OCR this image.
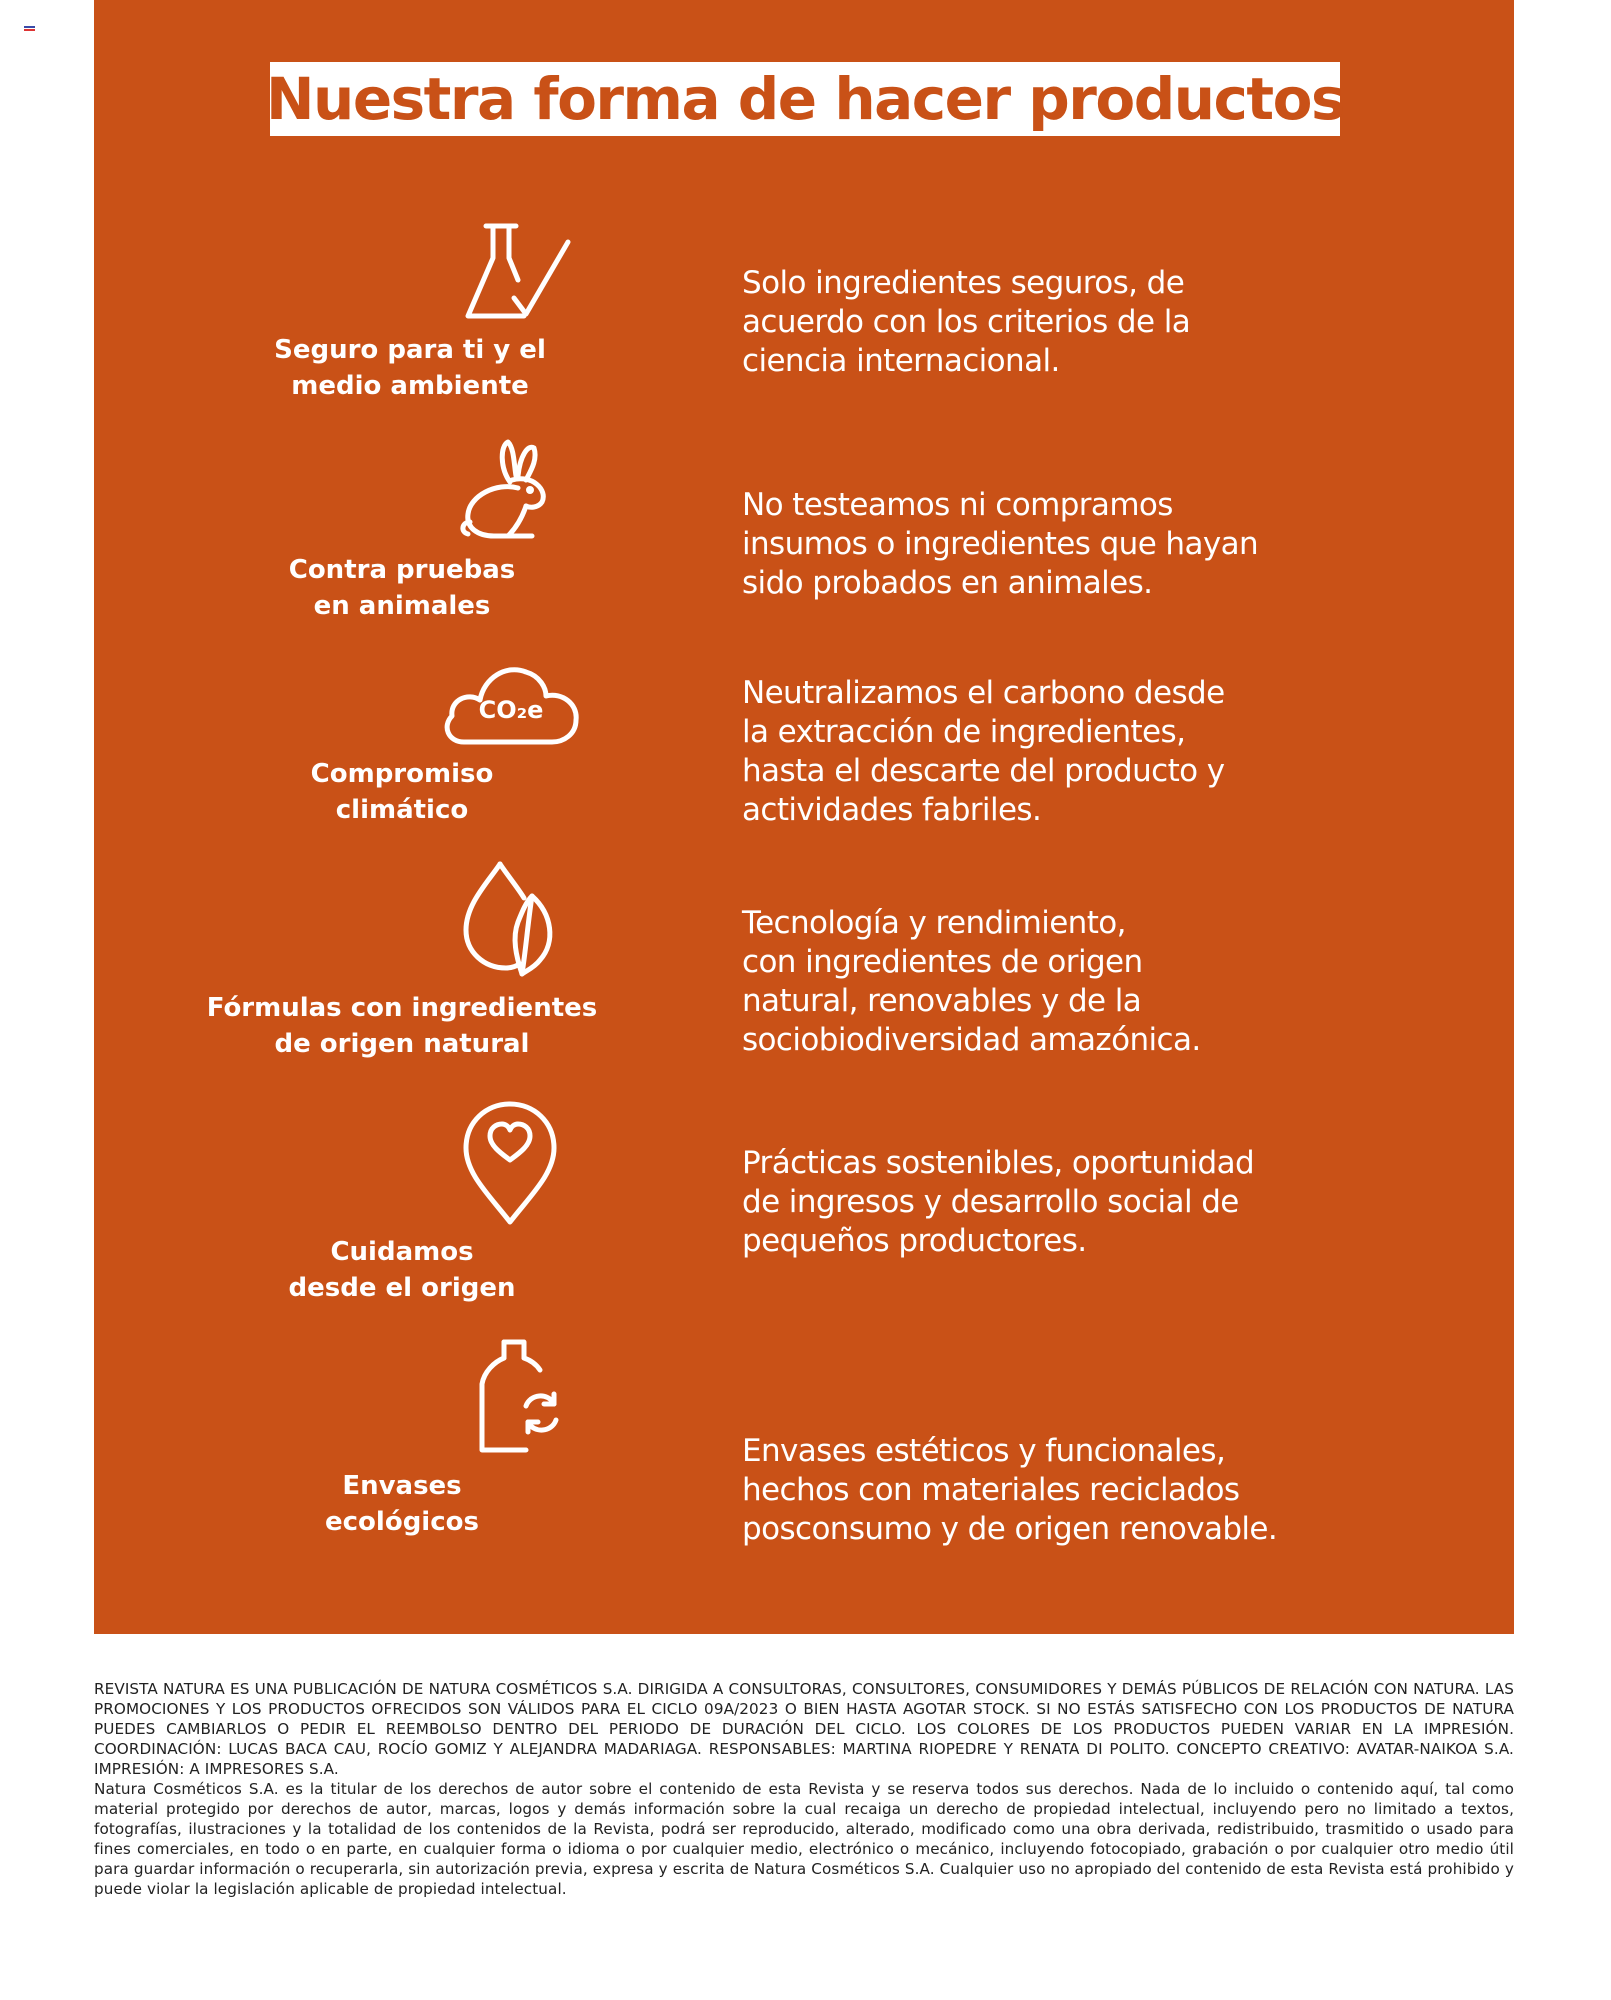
Nuestra forma de hacer productos
Seguro para ti y el
medio ambiente
Solo ingredientes seguros, de
acuerdo con los criterios de la
ciencia internacional.
Contra pruebas
en animales
No testeamos ni compramos
insumos o ingredientes que hayan
sido probados en animales.
CO₂e
Compromiso
climático
Neutralizamos el carbono desde
la extracción de ingredientes,
hasta el descarte del producto y
actividades fabriles.
Fórmulas con ingredientes
de origen natural
Tecnología y rendimiento,
con ingredientes de origen
natural, renovables y de la
sociobiodiversidad amazónica.
Cuidamos
desde el origen
Prácticas sostenibles, oportunidad
de ingresos y desarrollo social de
pequeños productores.
Envases
ecológicos
Envases estéticos y funcionales,
hechos con materiales reciclados
posconsumo y de origen renovable.

REVISTA NATURA ES UNA PUBLICACIÓN DE NATURA COSMÉTICOS S.A. DIRIGIDA A CONSULTORAS, CONSULTORES, CONSUMIDORES Y DEMÁS PÚBLICOS DE RELACIÓN CON NATURA. LAS PROMOCIONES Y LOS PRODUCTOS OFRECIDOS SON VÁLIDOS PARA EL CICLO 09A/2023 O BIEN HASTA AGOTAR STOCK. SI NO ESTÁS SATISFECHO CON LOS PRODUCTOS DE NATURA PUEDES CAMBIARLOS O PEDIR EL REEMBOLSO DENTRO DEL PERIODO DE DURACIÓN DEL CICLO. LOS COLORES DE LOS PRODUCTOS PUEDEN VARIAR EN LA IMPRESIÓN. COORDINACIÓN: LUCAS BACA CAU, ROCÍO GOMIZ Y ALEJANDRA MADARIAGA. RESPONSABLES: MARTINA RIOPEDRE Y RENATA DI POLITO. CONCEPTO CREATIVO: AVATAR-NAIKOA S.A. IMPRESIÓN: A IMPRESORES S.A.

Natura Cosméticos S.A. es la titular de los derechos de autor sobre el contenido de esta Revista y se reserva todos sus derechos. Nada de lo incluido o contenido aquí, tal como material protegido por derechos de autor, marcas, logos y demás información sobre la cual recaiga un derecho de propiedad intelectual, incluyendo pero no limitado a textos, fotografías, ilustraciones y la totalidad de los contenidos de la Revista, podrá ser reproducido, alterado, modificado como una obra derivada, redistribuido, trasmitido o usado para fines comerciales, en todo o en parte, en cualquier forma o idioma o por cualquier medio, electrónico o mecánico, incluyendo fotocopiado, grabación o por cualquier otro medio útil para guardar información o recuperarla, sin autorización previa, expresa y escrita de Natura Cosméticos S.A. Cualquier uso no apropiado del contenido de esta Revista está prohibido y puede violar la legislación aplicable de propiedad intelectual.
